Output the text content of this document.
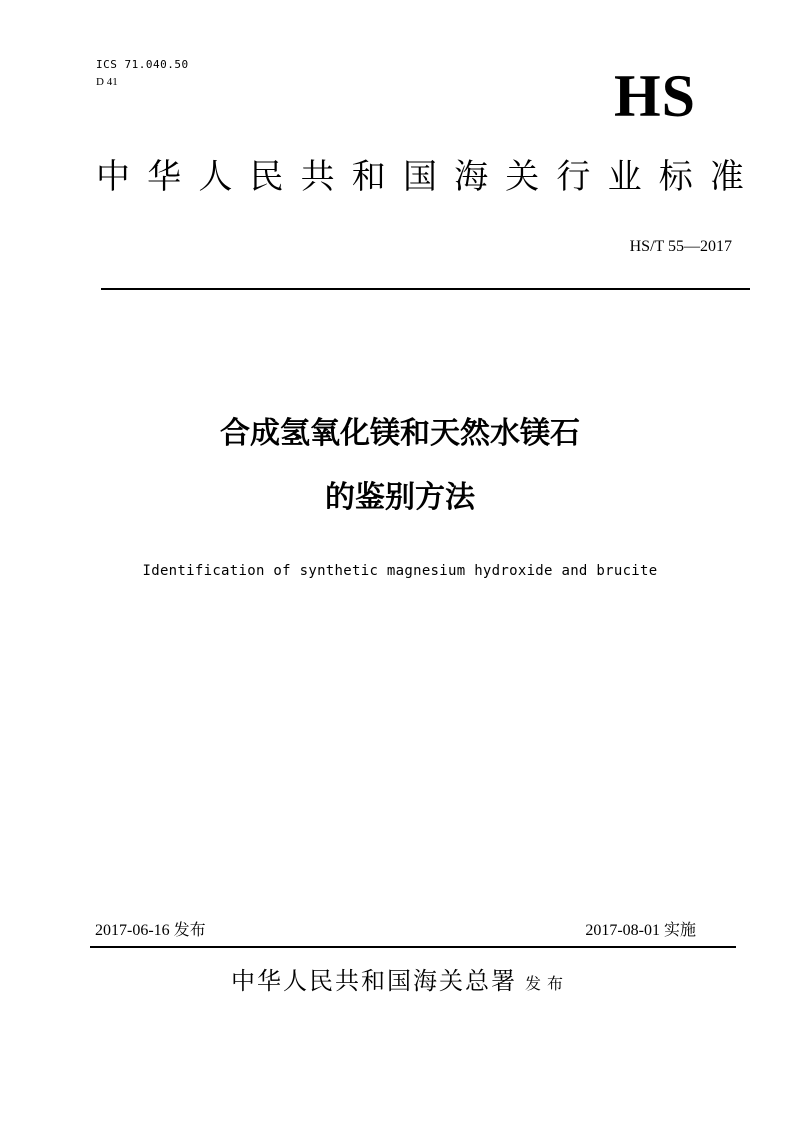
ICS 71.040.50
D 41	HS
中 华 人 民 共 和 国 海 关 行 业 标 准
HS/T 55—2017
合成氢氧化镁和天然水镁石
的鉴别方法
Identification of synthetic magnesium hydroxide and brucite
2017-06-16 发布	2017-08-01 实施
中华人民共和国海关总署 发布
